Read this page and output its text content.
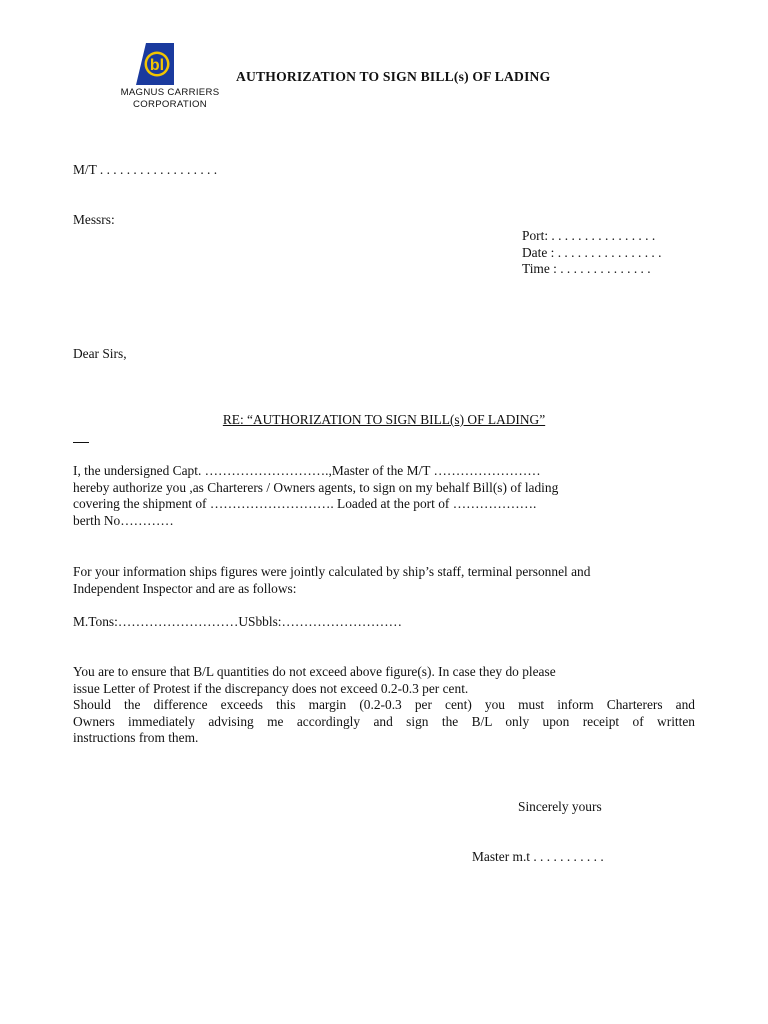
bl
MAGNUS CARRIERS
CORPORATION
AUTHORIZATION TO SIGN BILL(s) OF LADING
M/T . . . . . . . . . . . . . . . . . .
Messrs:
Port: . . . . . . . . . . . . . . . .
Date : . . . . . . . . . . . . . . . .
Time : . . . . . . . . . . . . . .
Dear Sirs,
RE: “AUTHORIZATION TO SIGN BILL(s) OF LADING”
I, the undersigned Capt. ……………………….,Master of the M/T ……………………
hereby authorize you ,as Charterers / Owners agents, to sign on my behalf Bill(s) of lading
covering the shipment of ………………………. Loaded at the port of ……………….
berth No…………
For your information ships figures were jointly calculated by ship’s staff, terminal personnel and
Independent Inspector and are as follows:
M.Tons:………………………USbbls:………………………
You are to ensure that B/L quantities do not exceed above figure(s). In case they do please
issue Letter of Protest if the discrepancy does not exceed 0.2-0.3 per cent.
Should the difference exceeds this margin (0.2-0.3 per cent) you must inform Charterers and
Owners immediately advising me accordingly and sign the B/L only upon receipt of written
instructions from them.
Sincerely yours
Master m.t . . . . . . . . . . .
